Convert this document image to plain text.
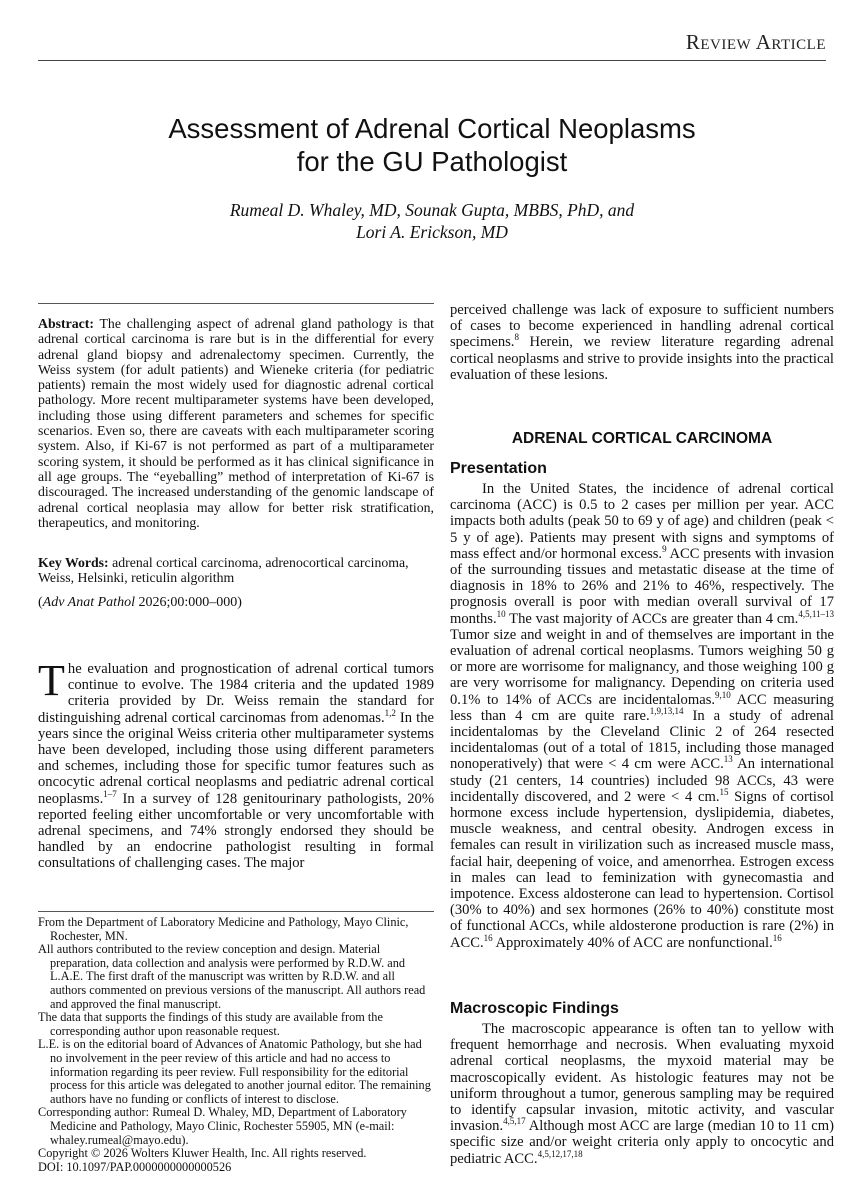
Review Article
Assessment of Adrenal Cortical Neoplasms
for the GU Pathologist
Rumeal D. Whaley, MD, Sounak Gupta, MBBS, PhD, and
Lori A. Erickson, MD
Abstract: The challenging aspect of adrenal gland pathology is that adrenal cortical carcinoma is rare but is in the differential for every adrenal gland biopsy and adrenalectomy specimen. Currently, the Weiss system (for adult patients) and Wieneke criteria (for pediatric patients) remain the most widely used for diagnostic adrenal cortical pathology. More recent multiparameter systems have been developed, including those using different parameters and schemes for specific scenarios. Even so, there are caveats with each multiparameter scoring system. Also, if Ki-67 is not performed as part of a multiparameter scoring system, it should be performed as it has clinical significance in all age groups. The “eyeballing” method of interpretation of Ki-67 is discouraged. The increased understanding of the genomic landscape of adrenal cortical neoplasia may allow for better risk stratification, therapeutics, and monitoring.
Key Words: adrenal cortical carcinoma, adrenocortical carcinoma, Weiss, Helsinki, reticulin algorithm
(Adv Anat Pathol 2026;00:000–000)
The evaluation and prognostication of adrenal cortical tumors continue to evolve. The 1984 criteria and the updated 1989 criteria provided by Dr. Weiss remain the standard for distinguishing adrenal cortical carcinomas from adenomas.$^{1,2}$ In the years since the original Weiss criteria other multiparameter systems have been developed, including those using different parameters and schemes, including those for specific tumor features such as oncocytic adrenal cortical neoplasms and pediatric adrenal cortical neoplasms.$^{1-7}$ In a survey of 128 genitourinary pathologists, 20% reported feeling either uncomfortable or very uncomfortable with adrenal specimens, and 74% strongly endorsed they should be handled by an endocrine pathologist resulting in formal consultations of challenging cases. The major

From the Department of Laboratory Medicine and Pathology, Mayo Clinic, Rochester, MN.

All authors contributed to the review conception and design. Material preparation, data collection and analysis were performed by R.D.W. and L.A.E. The first draft of the manuscript was written by R.D.W. and all authors commented on previous versions of the manuscript. All authors read and approved the final manuscript.

The data that supports the findings of this study are available from the corresponding author upon reasonable request.

L.E. is on the editorial board of Advances of Anatomic Pathology, but she had no involvement in the peer review of this article and had no access to information regarding its peer review. Full responsibility for the editorial process for this article was delegated to another journal editor. The remaining authors have no funding or conflicts of interest to disclose.

Corresponding author: Rumeal D. Whaley, MD, Department of Laboratory Medicine and Pathology, Mayo Clinic, Rochester 55905, MN (e-mail: whaley.rumeal@mayo.edu).

Copyright © 2026 Wolters Kluwer Health, Inc. All rights reserved.

DOI: 10.1097/PAP.0000000000000526

perceived challenge was lack of exposure to sufficient numbers of cases to become experienced in handling adrenal cortical specimens.$^8$ Herein, we review literature regarding adrenal cortical neoplasms and strive to provide insights into the practical evaluation of these lesions.

ADRENAL CORTICAL CARCINOMA
Presentation

In the United States, the incidence of adrenal cortical carcinoma (ACC) is 0.5 to 2 cases per million per year. ACC impacts both adults (peak 50 to 69 y of age) and children (peak < 5 y of age). Patients may present with signs and symptoms of mass effect and/or hormonal excess.$^9$ ACC presents with invasion of the surrounding tissues and metastatic disease at the time of diagnosis in 18% to 26% and 21% to 46%, respectively. The prognosis overall is poor with median overall survival of 17 months.$^{10}$ The vast majority of ACCs are greater than 4 cm.$^{4,5,11-13}$ Tumor size and weight in and of themselves are important in the evaluation of adrenal cortical neoplasms. Tumors weighing 50 g or more are worrisome for malignancy, and those weighing 100 g are very worrisome for malignancy. Depending on criteria used 0.1% to 14% of ACCs are incidentalomas.$^{9,10}$ ACC measuring less than 4 cm are quite rare.$^{1,9,13,14}$ In a study of adrenal incidentalomas by the Cleveland Clinic 2 of 264 resected incidentalomas (out of a total of 1815, including those managed nonoperatively) that were < 4 cm were ACC.$^{13}$ An international study (21 centers, 14 countries) included 98 ACCs, 43 were incidentally discovered, and 2 were < 4 cm.$^{15}$ Signs of cortisol hormone excess include hypertension, dyslipidemia, diabetes, muscle weakness, and central obesity. Androgen excess in females can result in virilization such as increased muscle mass, facial hair, deepening of voice, and amenorrhea. Estrogen excess in males can lead to feminization with gynecomastia and impotence. Excess aldosterone can lead to hypertension. Cortisol (30% to 40%) and sex hormones (26% to 40%) constitute most of functional ACCs, while aldosterone production is rare (2%) in ACC.$^{16}$ Approximately 40% of ACC are nonfunctional.$^{16}$

Macroscopic Findings

The macroscopic appearance is often tan to yellow with frequent hemorrhage and necrosis. When evaluating myxoid adrenal cortical neoplasms, the myxoid material may be macroscopically evident. As histologic features may not be uniform throughout a tumor, generous sampling may be required to identify capsular invasion, mitotic activity, and vascular invasion.$^{4,5,17}$ Although most ACC are large (median 10 to 11 cm) specific size and/or weight criteria only apply to oncocytic and pediatric ACC.$^{4,5,12,17,18}$
